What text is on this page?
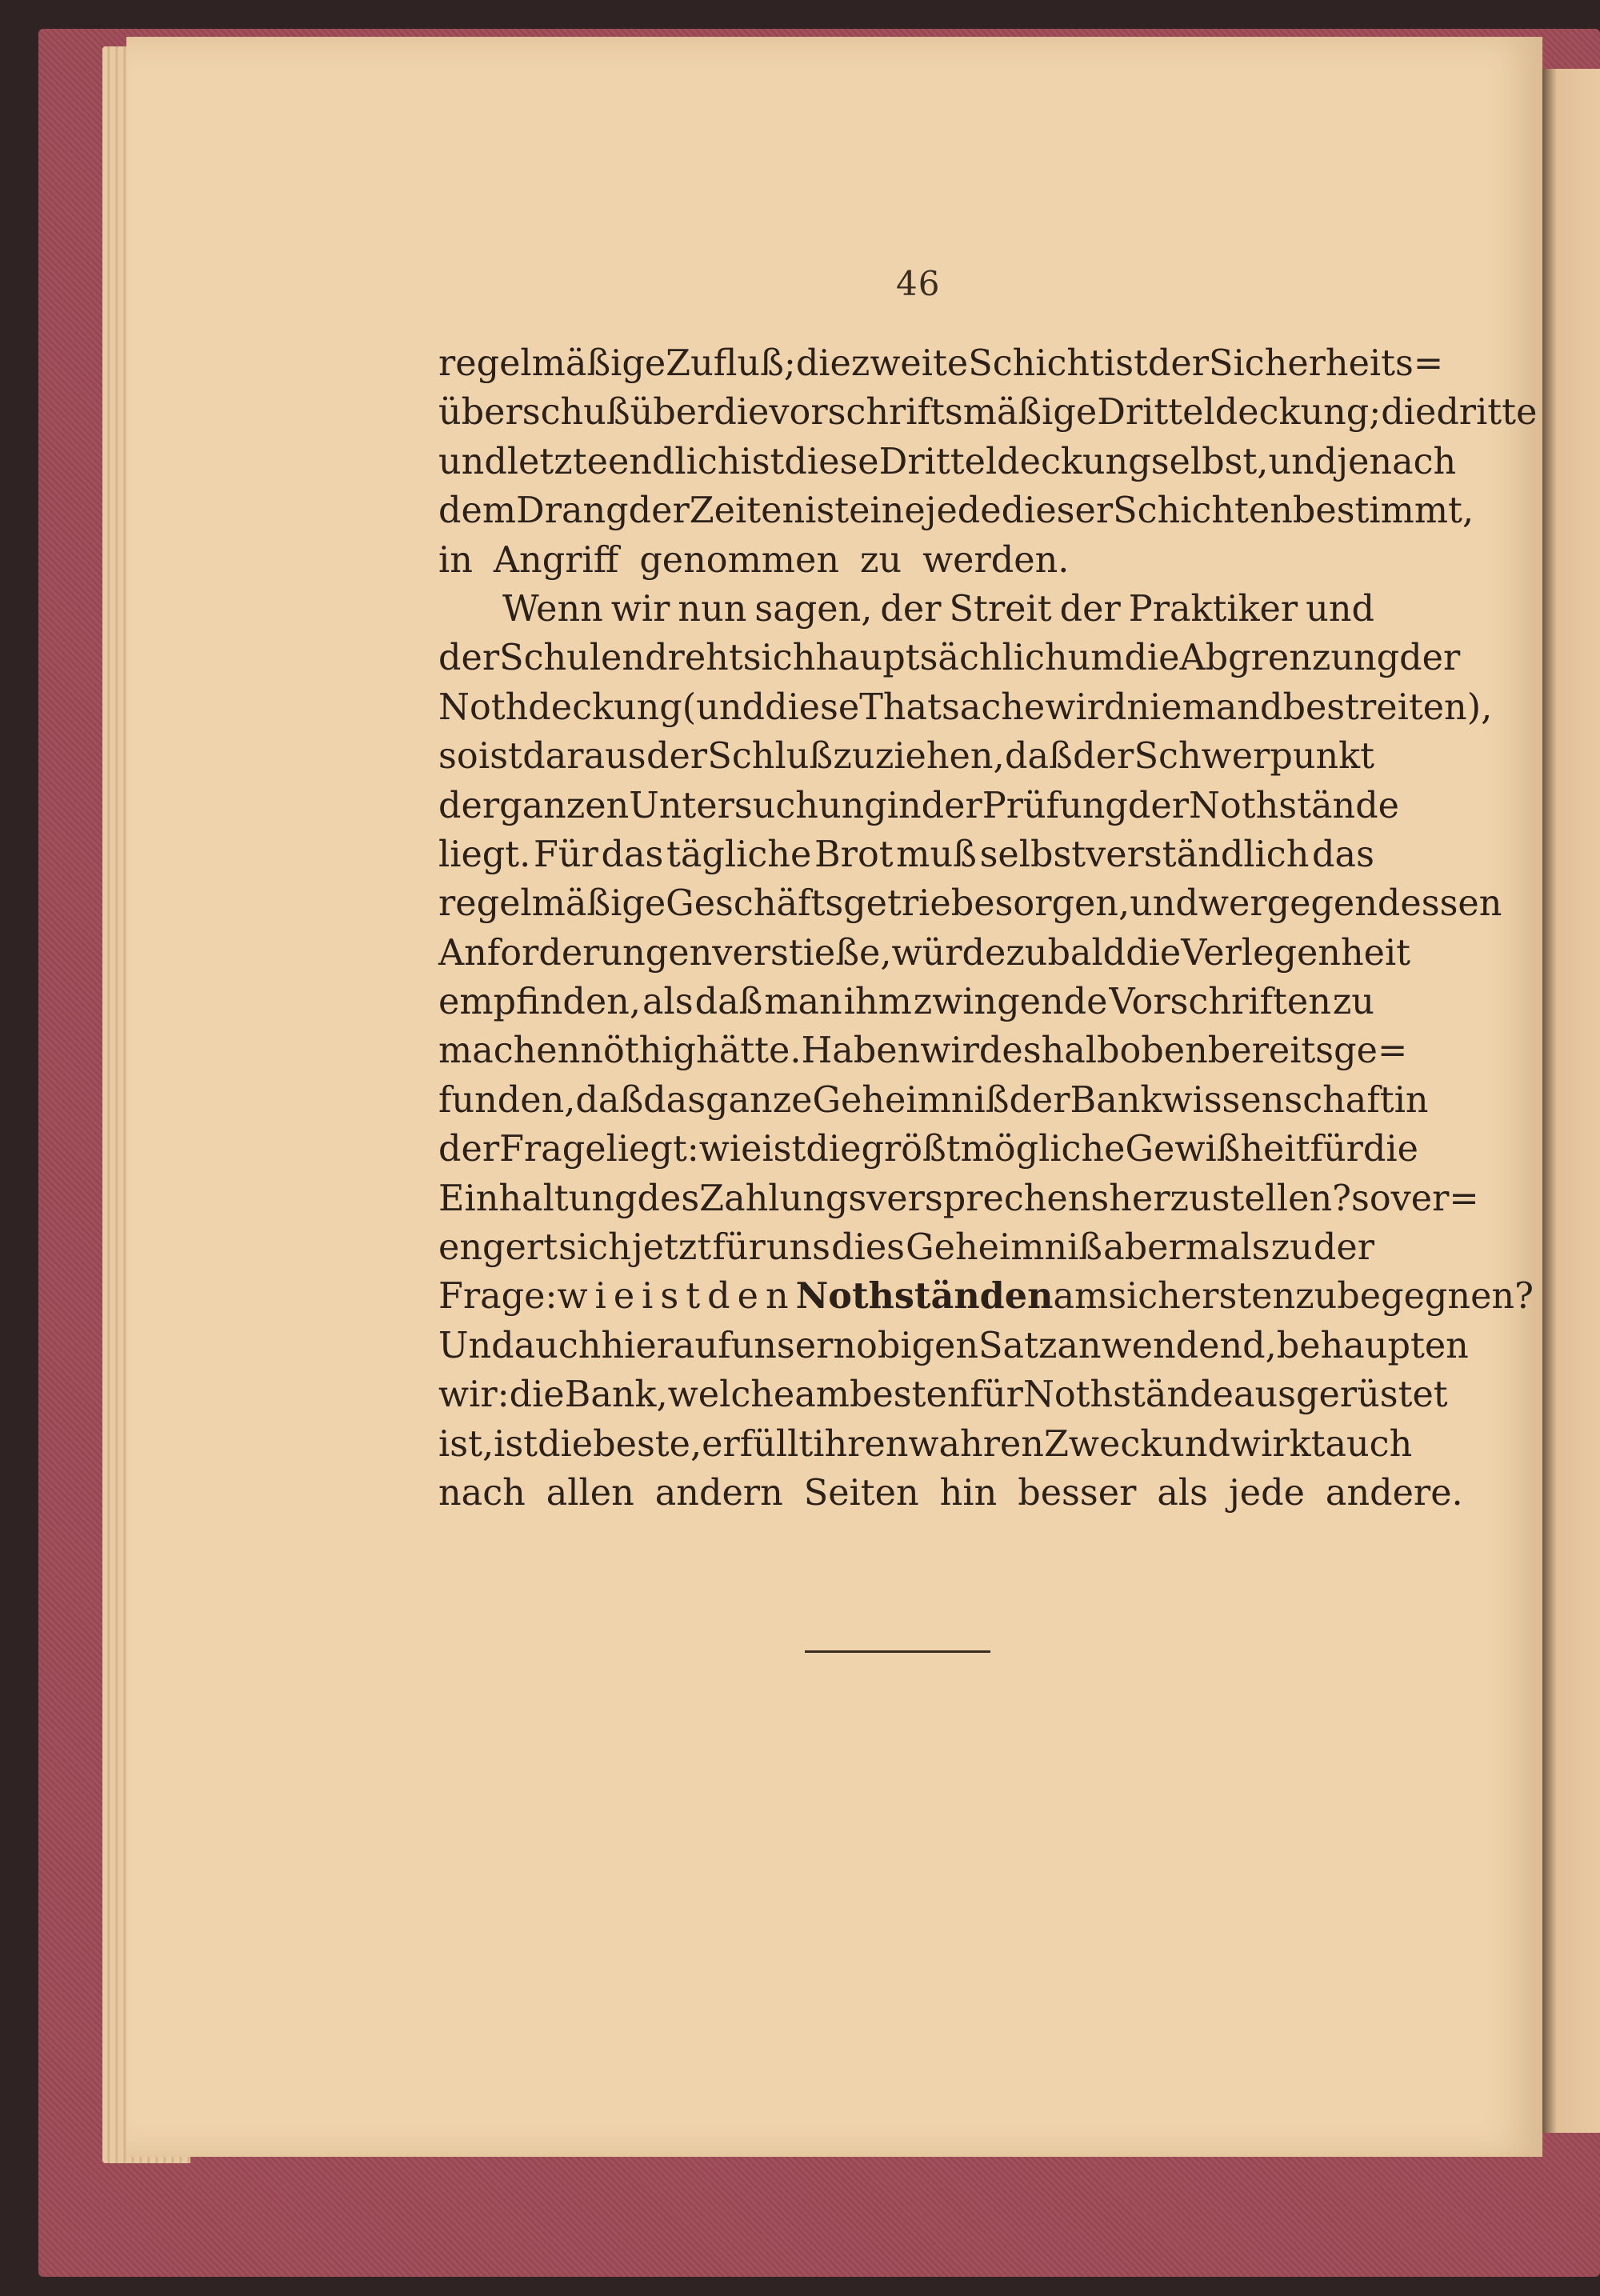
46
regelmäßige Zufluß; die zweite Schicht ist der Sicherheits=
überschuß über die vorschriftsmäßige Dritteldeckung; die dritte
und letzte endlich ist diese Dritteldeckung selbst, und je nach
dem Drang der Zeiten ist eine jede dieser Schichten bestimmt,
in Angriff genommen zu werden.
Wenn wir nun sagen, der Streit der Praktiker und
der Schulen dreht sich hauptsächlich um die Abgrenzung der
Nothdeckung (und diese Thatsache wird niemand bestreiten),
so ist daraus der Schluß zu ziehen, daß der Schwerpunkt
der ganzen Untersuchung in der Prüfung der Nothstände
liegt. Für das tägliche Brot muß selbstverständlich das
regelmäßige Geschäftsgetriebe sorgen, und wer gegen dessen
Anforderungen verstieße, würde zu bald die Verlegenheit
empfinden, als daß man ihm zwingende Vorschriften zu
machen nöthig hätte. Haben wir deshalb oben bereits ge=
funden, daß das ganze Geheimniß der Bankwissenschaft in
der Frage liegt: wie ist die größtmögliche Gewißheit für die
Einhaltung des Zahlungsversprechens herzustellen? so ver=
engert sich jetzt für uns dies Geheimniß abermals zu der
Frage: wie ist den Nothständen am sichersten zu begegnen?
Und auch hierauf unsern obigen Satz anwendend, behaupten
wir: die Bank, welche am besten für Nothstände ausgerüstet
ist, ist die beste, erfüllt ihren wahren Zweck und wirkt auch
nach allen andern Seiten hin besser als jede andere.
